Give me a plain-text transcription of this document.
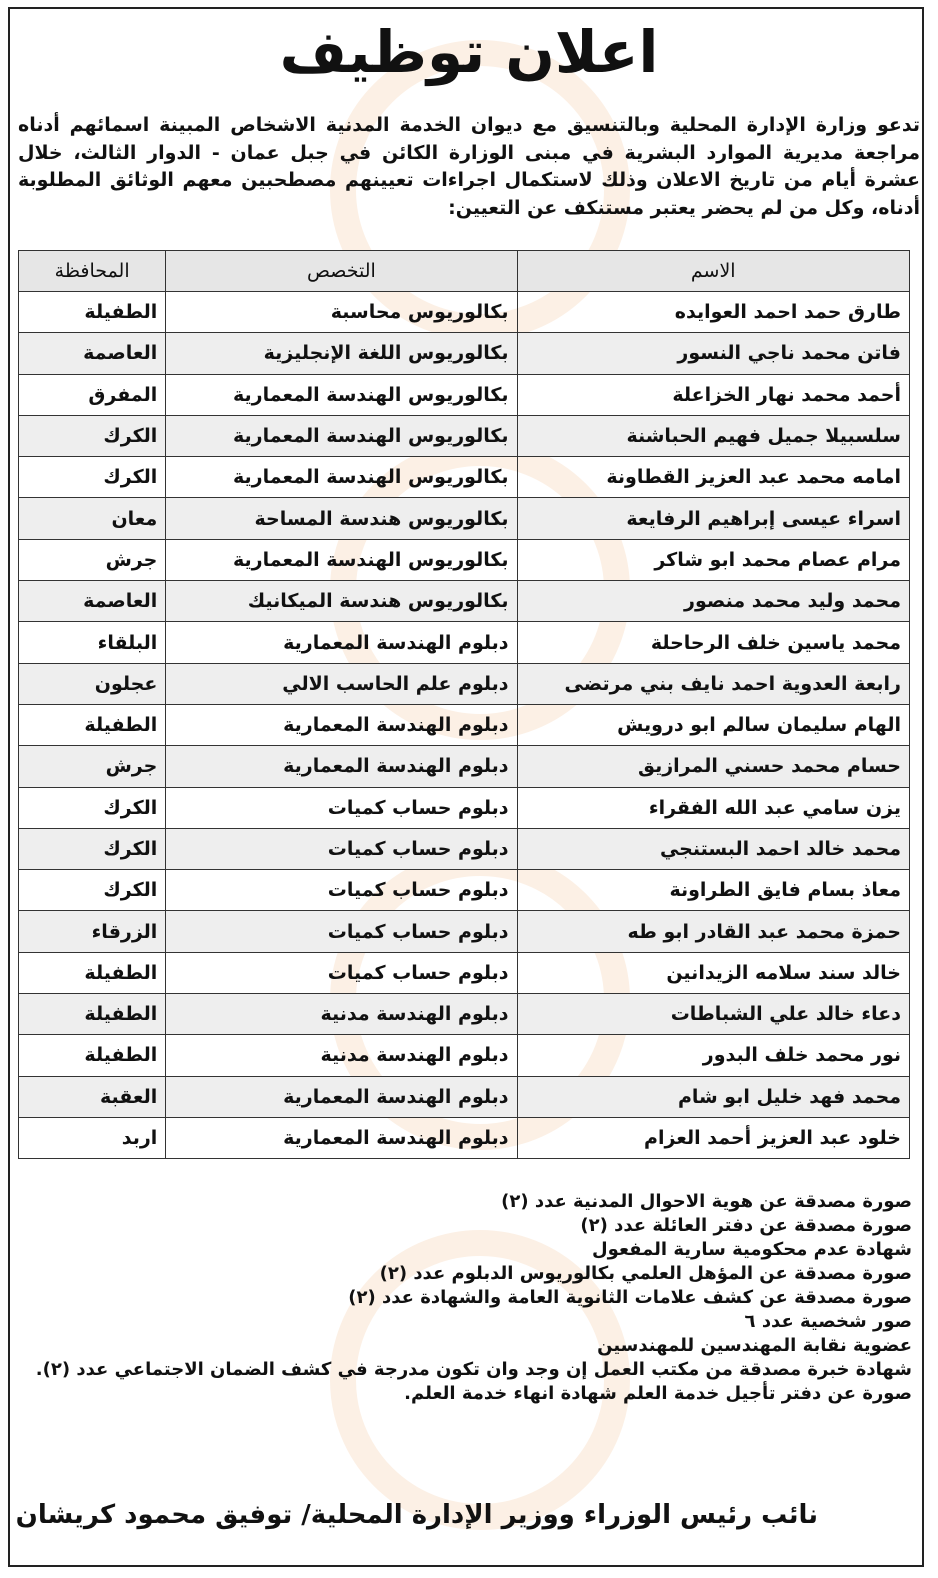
اعلان توظيف
تدعو وزارة الإدارة المحلية وبالتنسيق مع ديوان الخدمة المدنية الاشخاص المبينة اسمائهم أدناه مراجعة مديرية الموارد البشرية في مبنى الوزارة الكائن في جبل عمان - الدوار الثالث، خلال عشرة أيام من تاريخ الاعلان وذلك لاستكمال اجراءات تعيينهم مصطحبين معهم الوثائق المطلوبة أدناه، وكل من لم يحضر يعتبر مستنكف عن التعيين:
الاسم	التخصص	المحافظة
طارق حمد احمد العوايده	بكالوريوس محاسبة	الطفيلة
فاتن محمد ناجي النسور	بكالوريوس اللغة الإنجليزية	العاصمة
أحمد محمد نهار الخزاعلة	بكالوريوس الهندسة المعمارية	المفرق
سلسبيلا جميل فهيم الحباشنة	بكالوريوس الهندسة المعمارية	الكرك
امامه محمد عبد العزيز القطاونة	بكالوريوس الهندسة المعمارية	الكرك
اسراء عيسى إبراهيم الرفايعة	بكالوريوس هندسة المساحة	معان
مرام عصام محمد ابو شاكر	بكالوريوس الهندسة المعمارية	جرش
محمد وليد محمد منصور	بكالوريوس هندسة الميكانيك	العاصمة
محمد ياسين خلف الرحاحلة	دبلوم الهندسة المعمارية	البلقاء
رابعة العدوية احمد نايف بني مرتضى	دبلوم علم الحاسب الالي	عجلون
الهام سليمان سالم ابو درويش	دبلوم الهندسة المعمارية	الطفيلة
حسام محمد حسني المرازيق	دبلوم الهندسة المعمارية	جرش
يزن سامي عبد الله الفقراء	دبلوم حساب كميات	الكرك
محمد خالد احمد البستنجي	دبلوم حساب كميات	الكرك
معاذ بسام فايق الطراونة	دبلوم حساب كميات	الكرك
حمزة محمد عبد القادر ابو طه	دبلوم حساب كميات	الزرقاء
خالد سند سلامه الزيدانين	دبلوم حساب كميات	الطفيلة
دعاء خالد علي الشباطات	دبلوم الهندسة مدنية	الطفيلة
نور محمد خلف البدور	دبلوم الهندسة مدنية	الطفيلة
محمد فهد خليل ابو شام	دبلوم الهندسة المعمارية	العقبة
خلود عبد العزيز أحمد العزام	دبلوم الهندسة المعمارية	اربد
صورة مصدقة عن هوية الاحوال المدنية عدد (٢)
صورة مصدقة عن دفتر العائلة عدد (٢)
شهادة عدم محكومية سارية المفعول
صورة مصدقة عن المؤهل العلمي بكالوريوس الدبلوم عدد (٢)
صورة مصدقة عن كشف علامات الثانوية العامة والشهادة عدد (٢)
صور شخصية عدد ٦
عضوية نقابة المهندسين للمهندسين
شهادة خبرة مصدقة من مكتب العمل إن وجد وان تكون مدرجة في كشف الضمان الاجتماعي عدد (٢).
صورة عن دفتر تأجيل خدمة العلم شهادة انهاء خدمة العلم.
نائب رئيس الوزراء ووزير الإدارة المحلية/ توفيق محمود كريشان
